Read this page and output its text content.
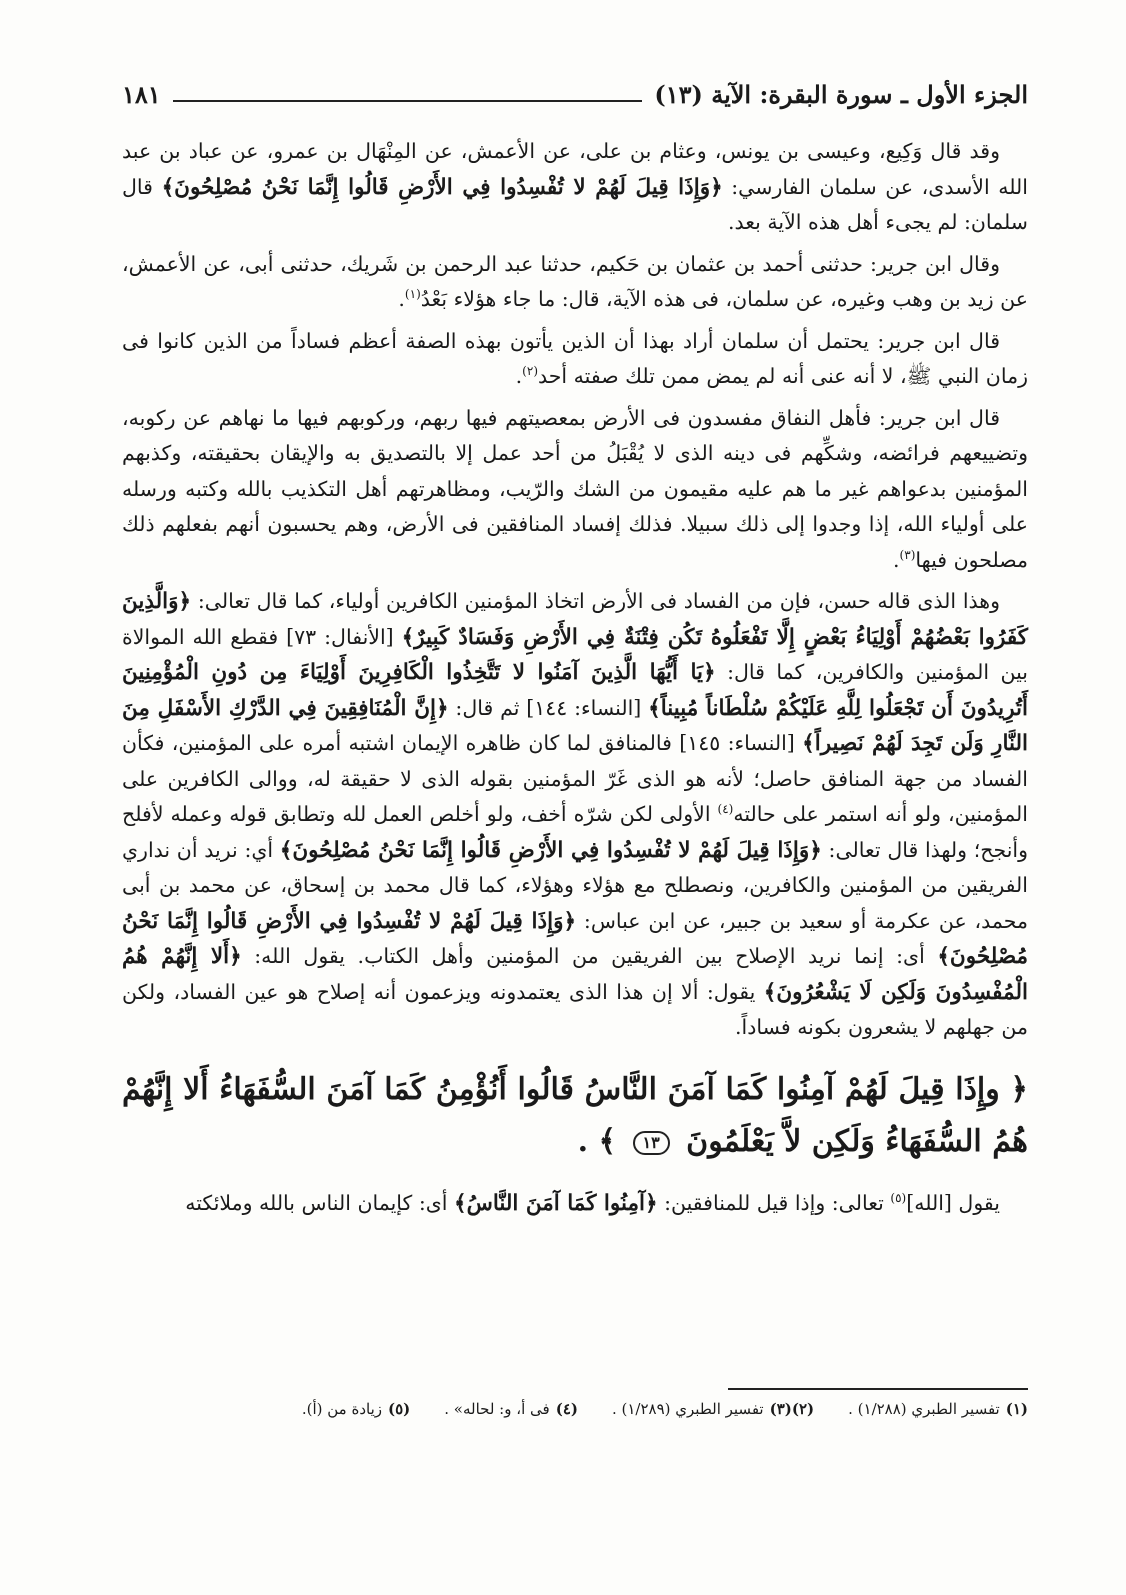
الجزء الأول ـ سورة البقرة: الآية (١٣)
١٨١

وقد قال وَكِيع، وعيسى بن يونس، وعثام بن على، عن الأعمش، عن المِنْهَال بن عمرو، عن عباد بن عبد الله الأسدى، عن سلمان الفارسي: ﴿وَإِذَا قِيلَ لَهُمْ لا تُفْسِدُوا فِي الأَرْضِ قَالُوا إِنَّمَا نَحْنُ مُصْلِحُونَ﴾ قال سلمان: لم يجىء أهل هذه الآية بعد.

وقال ابن جرير: حدثنى أحمد بن عثمان بن حَكيم، حدثنا عبد الرحمن بن شَريك، حدثنى أبى، عن الأعمش، عن زيد بن وهب وغيره، عن سلمان، فى هذه الآية، قال: ما جاء هؤلاء بَعْدُ$^{(١)}$.

قال ابن جرير: يحتمل أن سلمان أراد بهذا أن الذين يأتون بهذه الصفة أعظم فساداً من الذين كانوا فى زمان النبي ﷺ، لا أنه عنى أنه لم يمض ممن تلك صفته أحد$^{(٢)}$.

قال ابن جرير: فأهل النفاق مفسدون فى الأرض بمعصيتهم فيها ربهم، وركوبهم فيها ما نهاهم عن ركوبه، وتضييعهم فرائضه، وشكِّهم فى دينه الذى لا يُقْبَلُ من أحد عمل إلا بالتصديق به والإيقان بحقيقته، وكذبهم المؤمنين بدعواهم غير ما هم عليه مقيمون من الشك والرّيب، ومظاهرتهم أهل التكذيب بالله وكتبه ورسله على أولياء الله، إذا وجدوا إلى ذلك سبيلا. فذلك إفساد المنافقين فى الأرض، وهم يحسبون أنهم بفعلهم ذلك مصلحون فيها$^{(٣)}$.

وهذا الذى قاله حسن، فإن من الفساد فى الأرض اتخاذ المؤمنين الكافرين أولياء، كما قال تعالى: ﴿وَالَّذِينَ كَفَرُوا بَعْضُهُمْ أَوْلِيَاءُ بَعْضٍ إِلَّا تَفْعَلُوهُ تَكُن فِتْنَةٌ فِي الأَرْضِ وَفَسَادٌ كَبِيرٌ﴾ [الأنفال: ٧٣] فقطع الله الموالاة بين المؤمنين والكافرين، كما قال: ﴿يَا أَيُّهَا الَّذِينَ آمَنُوا لا تَتَّخِذُوا الْكَافِرِينَ أَوْلِيَاءَ مِن دُونِ الْمُؤْمِنِينَ أَتُرِيدُونَ أَن تَجْعَلُوا لِلَّهِ عَلَيْكُمْ سُلْطَاناً مُبِيناً﴾ [النساء: ١٤٤] ثم قال: ﴿إِنَّ الْمُنَافِقِينَ فِي الدَّرْكِ الأَسْفَلِ مِنَ النَّارِ وَلَن تَجِدَ لَهُمْ نَصِيراً﴾ [النساء: ١٤٥] فالمنافق لما كان ظاهره الإيمان اشتبه أمره على المؤمنين، فكأن الفساد من جهة المنافق حاصل؛ لأنه هو الذى غَرّ المؤمنين بقوله الذى لا حقيقة له، ووالى الكافرين على المؤمنين، ولو أنه استمر على حالته$^{(٤)}$ الأولى لكن شرّه أخف، ولو أخلص العمل لله وتطابق قوله وعمله لأفلح وأنجح؛ ولهذا قال تعالى: ﴿وَإِذَا قِيلَ لَهُمْ لا تُفْسِدُوا فِي الأَرْضِ قَالُوا إِنَّمَا نَحْنُ مُصْلِحُونَ﴾ أي: نريد أن نداري الفريقين من المؤمنين والكافرين، ونصطلح مع هؤلاء وهؤلاء، كما قال محمد بن إسحاق، عن محمد بن أبى محمد، عن عكرمة أو سعيد بن جبير، عن ابن عباس: ﴿وَإِذَا قِيلَ لَهُمْ لا تُفْسِدُوا فِي الأَرْضِ قَالُوا إِنَّمَا نَحْنُ مُصْلِحُونَ﴾ أى: إنما نريد الإصلاح بين الفريقين من المؤمنين وأهل الكتاب. يقول الله: ﴿أَلا إِنَّهُمْ هُمُ الْمُفْسِدُونَ وَلَكِن لَا يَشْعُرُونَ﴾ يقول: ألا إن هذا الذى يعتمدونه ويزعمون أنه إصلاح هو عين الفساد، ولكن من جهلهم لا يشعرون بكونه فساداً.

﴿ وإِذَا قِيلَ لَهُمْ آمِنُوا كَمَا آمَنَ النَّاسُ قَالُوا أَنُؤْمِنُ كَمَا آمَنَ السُّفَهَاءُ أَلا إِنَّهُمْ هُمُ السُّفَهَاءُ وَلَكِن لاَّ يَعْلَمُونَ ١٣ ﴾ .

يقول [الله]$^{(٥)}$ تعالى: وإذا قيل للمنافقين: ﴿آمِنُوا كَمَا آمَنَ النَّاسُ﴾ أى: كإيمان الناس بالله وملائكته

(١)تفسير الطبري (١/٢٨٨) .
(٢)(٣)تفسير الطبري (١/٢٨٩) .
(٤)فى أ، و: لحاله» .
(٥)زيادة من (أ).
